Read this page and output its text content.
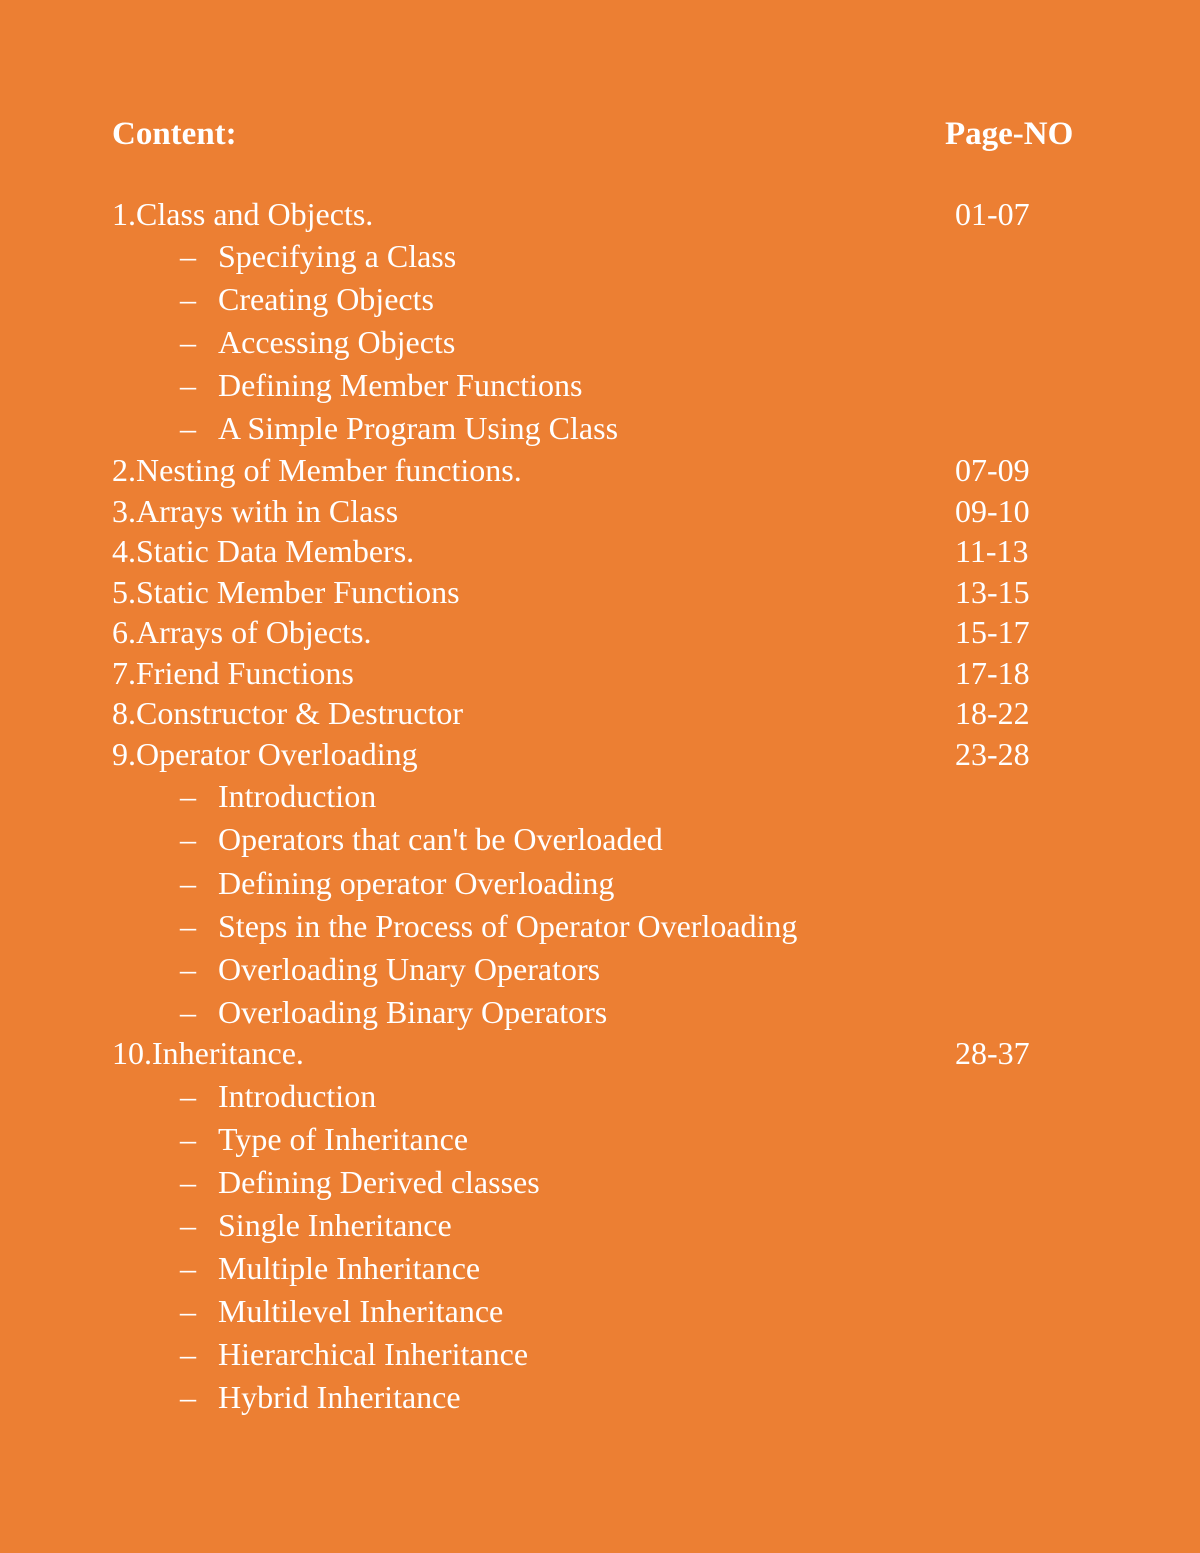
Content:	Page-NO
1.Class and Objects.	01-07
– Specifying a Class
– Creating Objects
– Accessing Objects
– Defining Member Functions
– A Simple Program Using Class
2.Nesting of Member functions.	07-09
3.Arrays with in Class	09-10
4.Static Data Members.	11-13
5.Static Member Functions	13-15
6.Arrays of Objects.	15-17
7.Friend Functions	17-18
8.Constructor & Destructor	18-22
9.Operator Overloading	23-28
– Introduction
– Operators that can't be Overloaded
– Defining operator Overloading
– Steps in the Process of Operator Overloading
– Overloading Unary Operators
– Overloading Binary Operators
10.Inheritance.	28-37
– Introduction
– Type of Inheritance
– Defining Derived classes
– Single Inheritance
– Multiple Inheritance
– Multilevel Inheritance
– Hierarchical Inheritance
– Hybrid Inheritance
